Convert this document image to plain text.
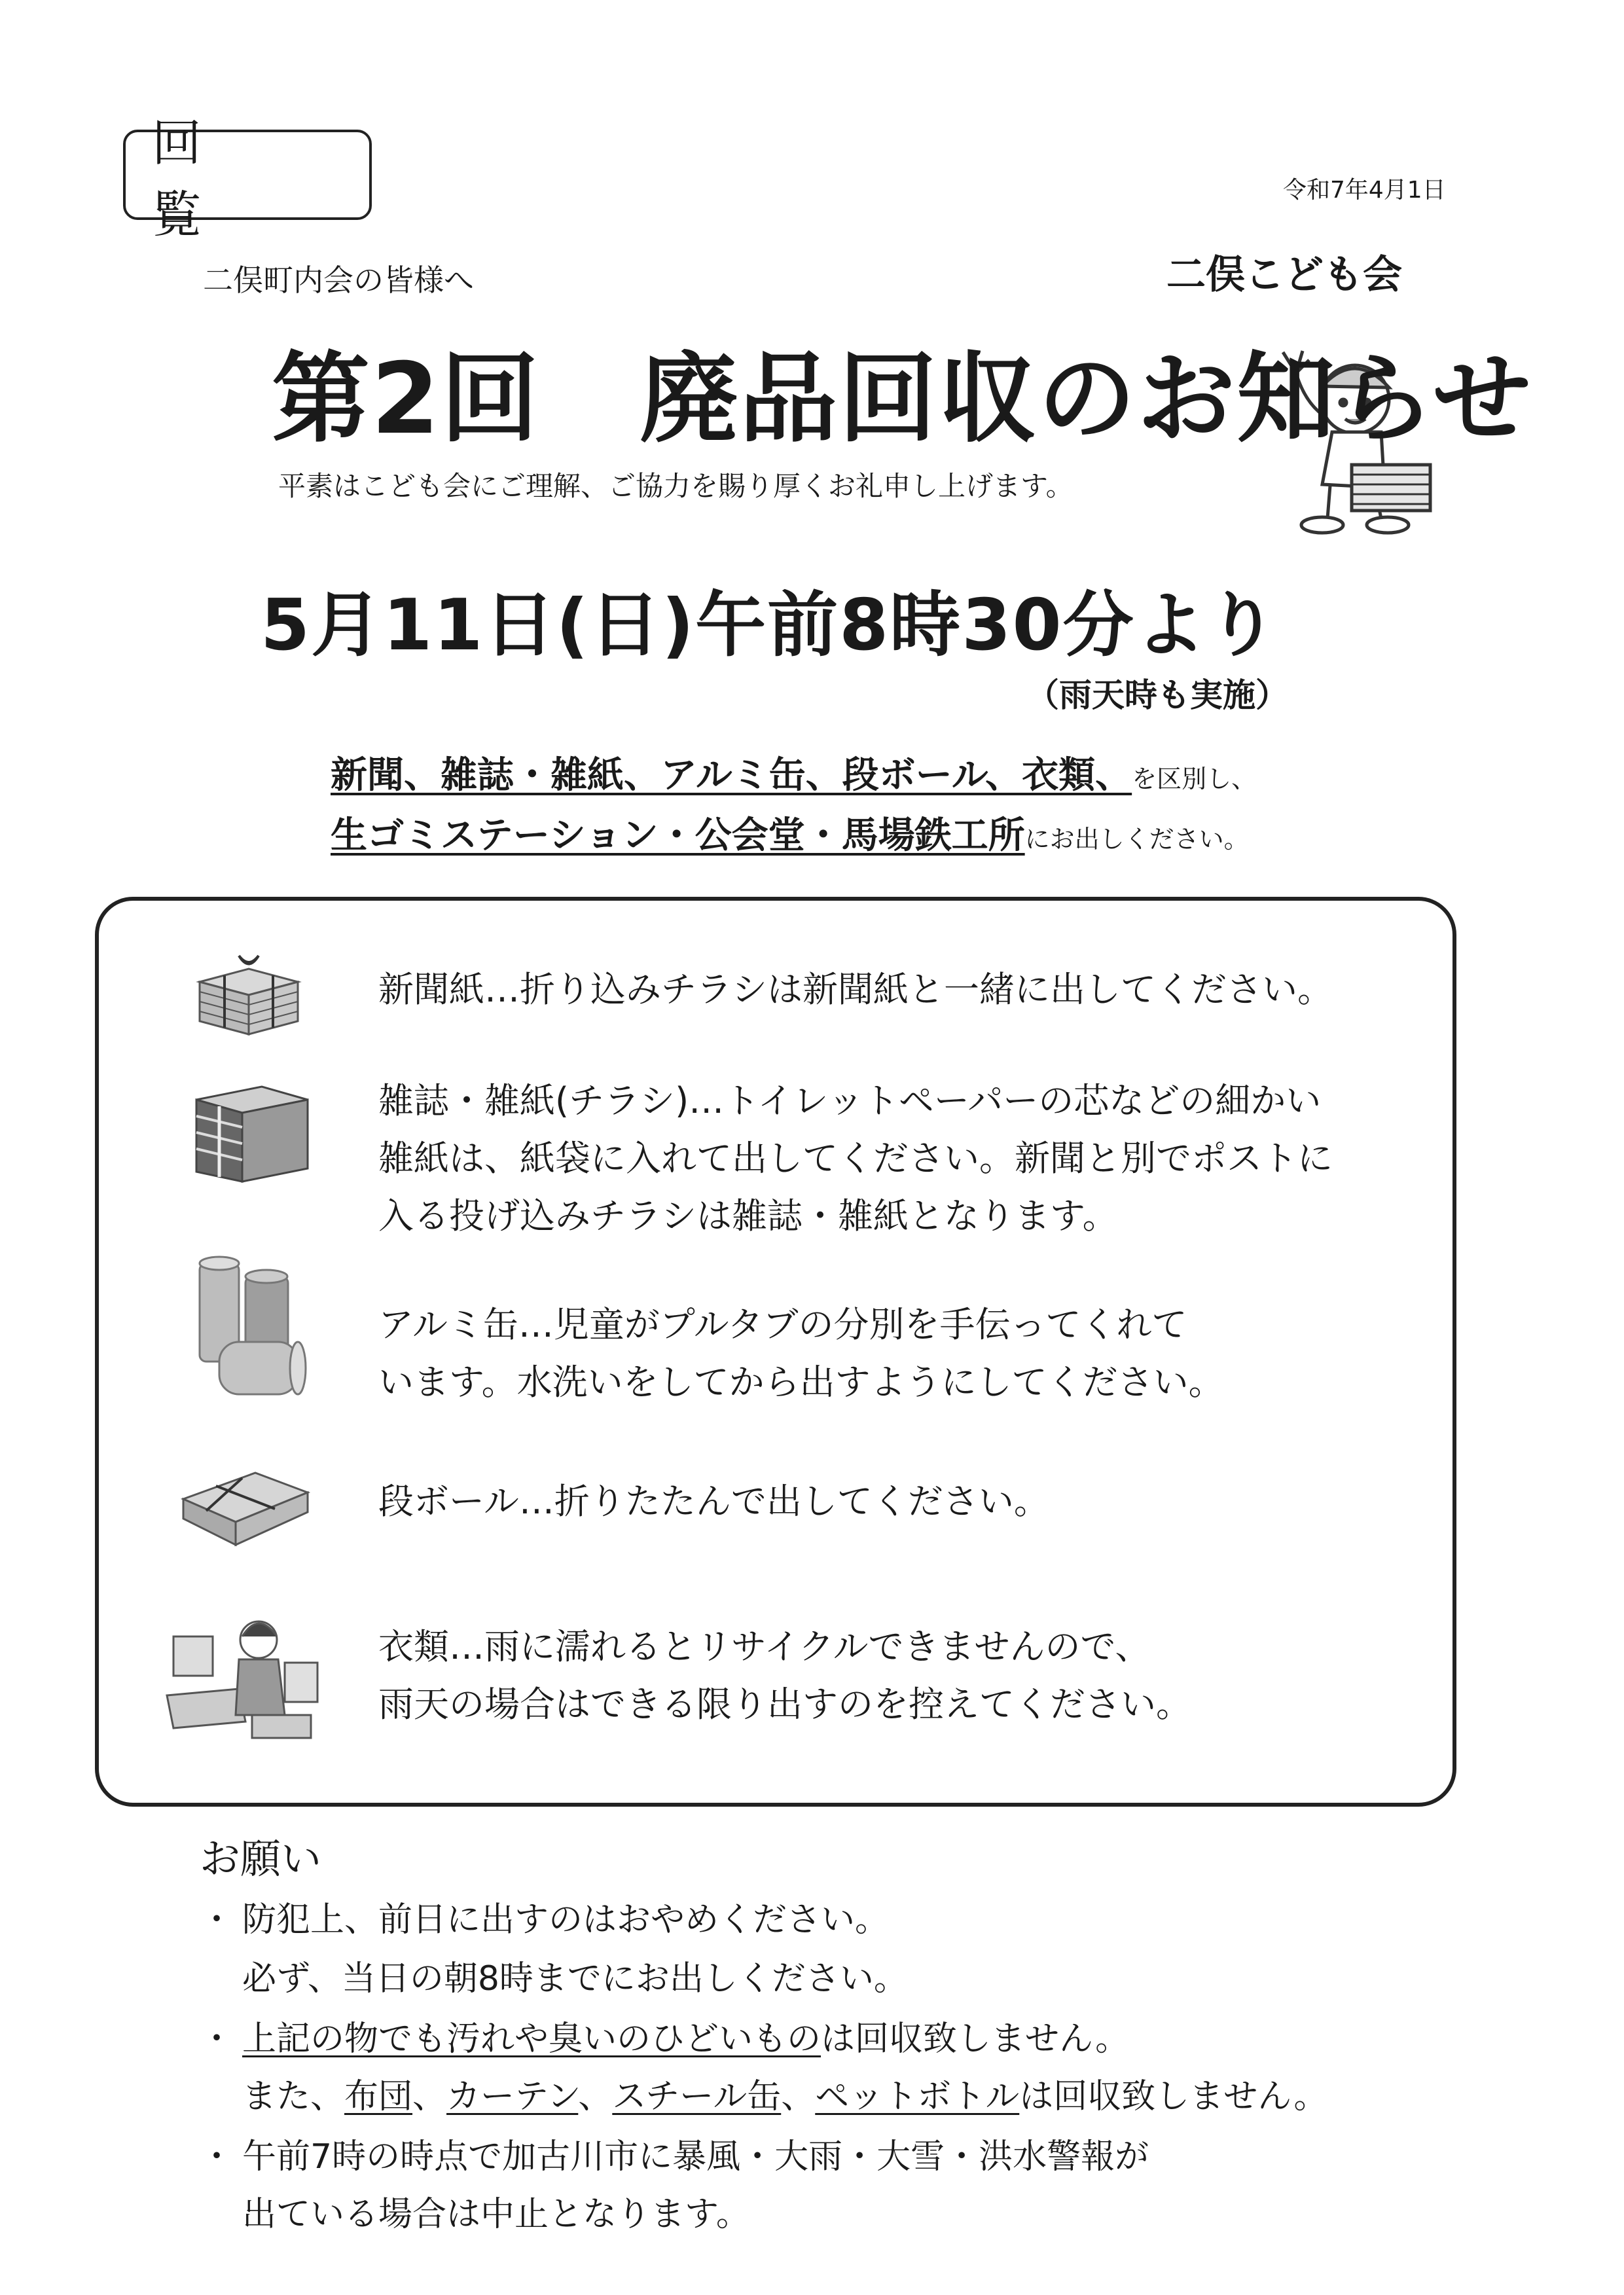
回 覧	令和7年4月1日
二俣町内会の皆様へ	二俣こども会
第2回　廃品回収のお知らせ
平素はこども会にご理解、ご協力を賜り厚くお礼申し上げます。
5月11日(日)午前8時30分より
（雨天時も実施）
新聞、雑誌・雑紙、アルミ缶、段ボール、衣類、を区別し、
生ゴミステーション・公会堂・馬場鉄工所にお出しください。
新聞紙…折り込みチラシは新聞紙と一緒に出してください。
雑誌・雑紙(チラシ)…トイレットペーパーの芯などの細かい
雑紙は、紙袋に入れて出してください。新聞と別でポストに
入る投げ込みチラシは雑誌・雑紙となります。
アルミ缶…児童がプルタブの分別を手伝ってくれて
います。水洗いをしてから出すようにしてください。
段ボール…折りたたんで出してください。
衣類…雨に濡れるとリサイクルできませんので、
雨天の場合はできる限り出すのを控えてください。
お願い
・ 防犯上、前日に出すのはおやめください。
必ず、当日の朝8時までにお出しください。
・ 上記の物でも汚れや臭いのひどいものは回収致しません。
また、布団、カーテン、スチール缶、ペットボトルは回収致しません。
・ 午前7時の時点で加古川市に暴風・大雨・大雪・洪水警報が
出ている場合は中止となります。
